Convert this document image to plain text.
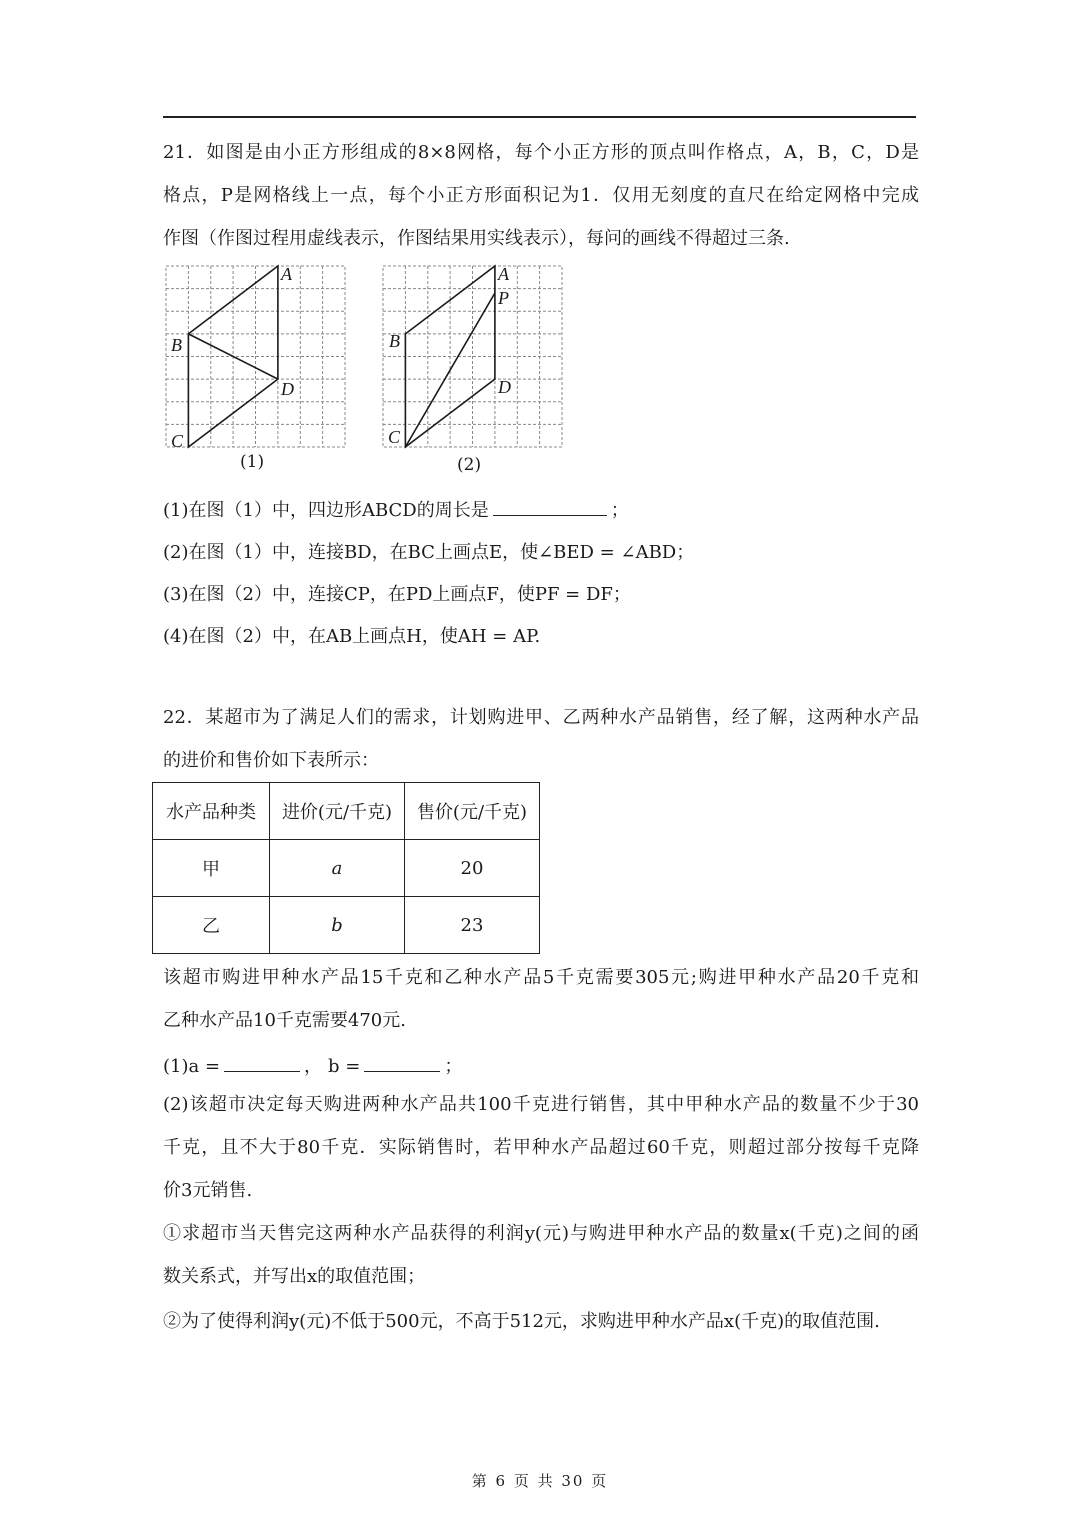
21．如图是由小正方形组成的8×8网格，每个小正方形的顶点叫作格点，A，B，C，D是
格点，P是网格线上一点，每个小正方形面积记为1．仅用无刻度的直尺在给定网格中完成
作图（作图过程用虚线表示，作图结果用实线表示），每问的画线不得超过三条.
A
B
C
D
(1)
A
P
B
C
D
(2)
(1)在图（1）中，四边形ABCD的周长是	；
(2)在图（1）中，连接BD，在BC上画点E，使∠BED = ∠ABD；
(3)在图（2）中，连接CP，在PD上画点F，使PF = DF；
(4)在图（2）中，在AB上画点H，使AH = AP.
22．某超市为了满足人们的需求，计划购进甲、乙两种水产品销售，经了解，这两种水产品
的进价和售价如下表所示：
水产品种类	进价(元/千克)	售价(元/千克)
甲	a	20
乙	b	23
该超市购进甲种水产品15千克和乙种水产品5千克需要305元;购进甲种水产品20千克和
乙种水产品10千克需要470元.
(1)a =	， b =	；
(2)该超市决定每天购进两种水产品共100千克进行销售，其中甲种水产品的数量不少于30
千克，且不大于80千克．实际销售时，若甲种水产品超过60千克，则超过部分按每千克降
价3元销售.
①求超市当天售完这两种水产品获得的利润y(元)与购进甲种水产品的数量x(千克)之间的函
数关系式，并写出x的取值范围；
②为了使得利润y(元)不低于500元，不高于512元，求购进甲种水产品x(千克)的取值范围.
第 6 页 共 30 页
